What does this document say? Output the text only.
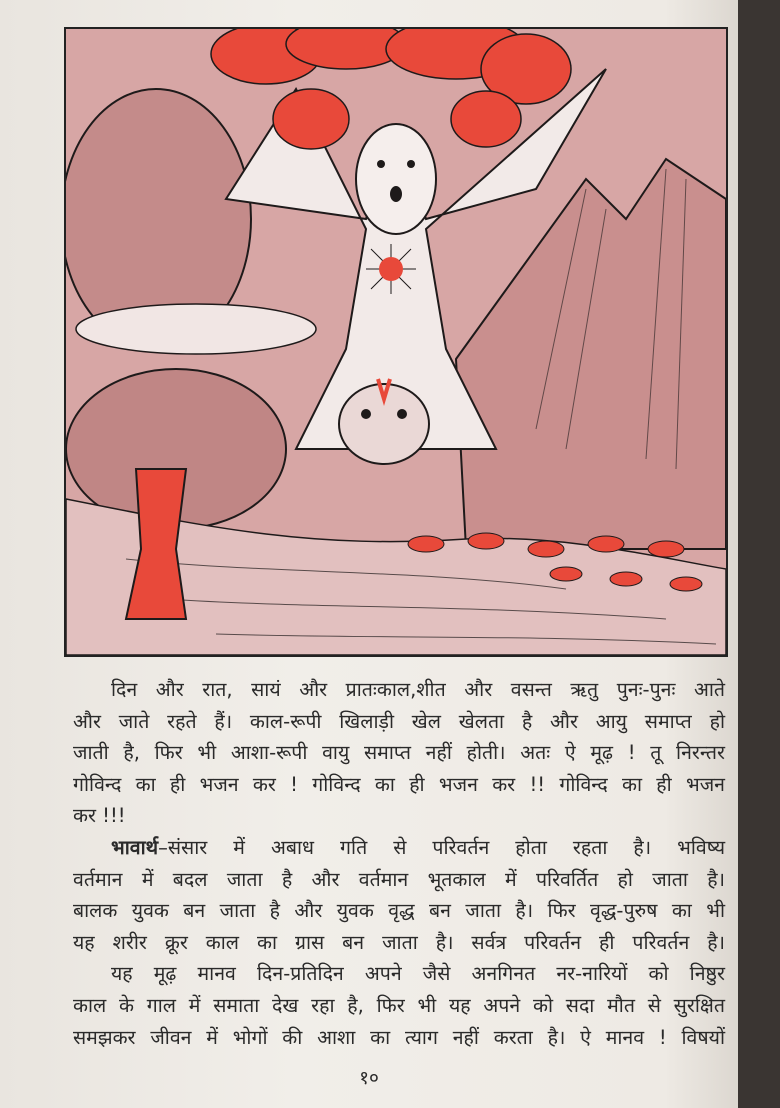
दिन और रात, सायं और प्रातःकाल,शीत और वसन्त ऋतु पुनः-पुनः आते
और जाते रहते हैं। काल-रूपी खिलाड़ी खेल खेलता है और आयु समाप्त हो
जाती है, फिर भी आशा-रूपी वायु समाप्त नहीं होती। अतः ऐ मूढ़ ! तू निरन्तर
गोविन्द का ही भजन कर ! गोविन्द का ही भजन कर !! गोविन्द का ही भजन
कर !!!
भावार्थ–संसार में अबाध गति से परिवर्तन होता रहता है। भविष्य
वर्तमान में बदल जाता है और वर्तमान भूतकाल में परिवर्तित हो जाता है।
बालक युवक बन जाता है और युवक वृद्ध बन जाता है। फिर वृद्ध-पुरुष का भी
यह शरीर क्रूर काल का ग्रास बन जाता है। सर्वत्र परिवर्तन ही परिवर्तन है।
यह मूढ़ मानव दिन-प्रतिदिन अपने जैसे अनगिनत नर-नारियों को निष्ठुर
काल के गाल में समाता देख रहा है, फिर भी यह अपने को सदा मौत से सुरक्षित
समझकर जीवन में भोगों की आशा का त्याग नहीं करता है। ऐ मानव ! विषयों
१०
